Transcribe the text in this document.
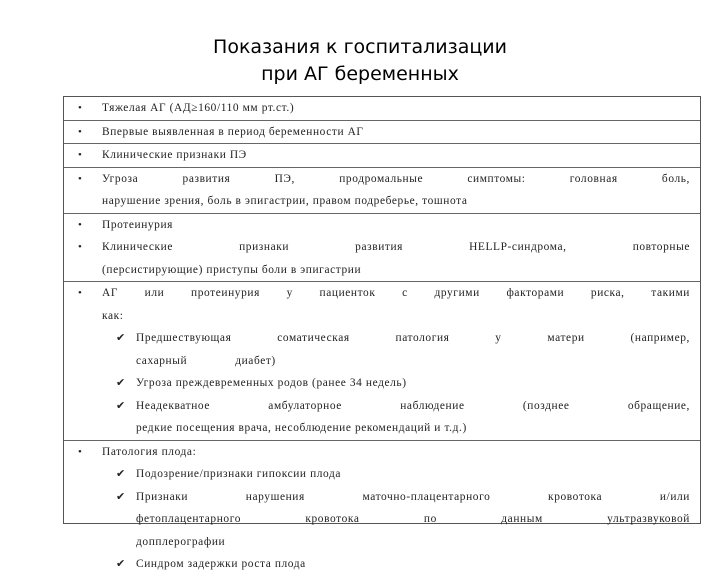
Показания к госпитализации
при АГ беременных
• Тяжелая АГ (АД≥160/110 мм рт.ст.)
• Впервые выявленная в период беременности АГ
• Клинические признаки ПЭ
• Угроза развития ПЭ, продромальные симптомы: головная боль,
нарушение зрения, боль в эпигастрии, правом подреберье, тошнота
• Протеинурия
• Клинические признаки развития HELLP-синдрома, повторные
(персистирующие) приступы боли в эпигастрии
• АГ или протеинурия у пациенток с другими факторами риска, такими
как:
✔ Предшествующая соматическая патология у матери (например,
сахарный	диабет)
✔ Угроза преждевременных родов (ранее 34 недель)
✔ Неадекватное амбулаторное наблюдение (позднее обращение,
редкие посещения врача, несоблюдение рекомендаций и т.д.)
• Патология плода:
✔ Подозрение/признаки гипоксии плода
✔ Признаки нарушения маточно-плацентарного кровотока и/или
фетоплацентарного кровотока по данным ультразвуковой
допплерографии
✔ Синдром задержки роста плода
